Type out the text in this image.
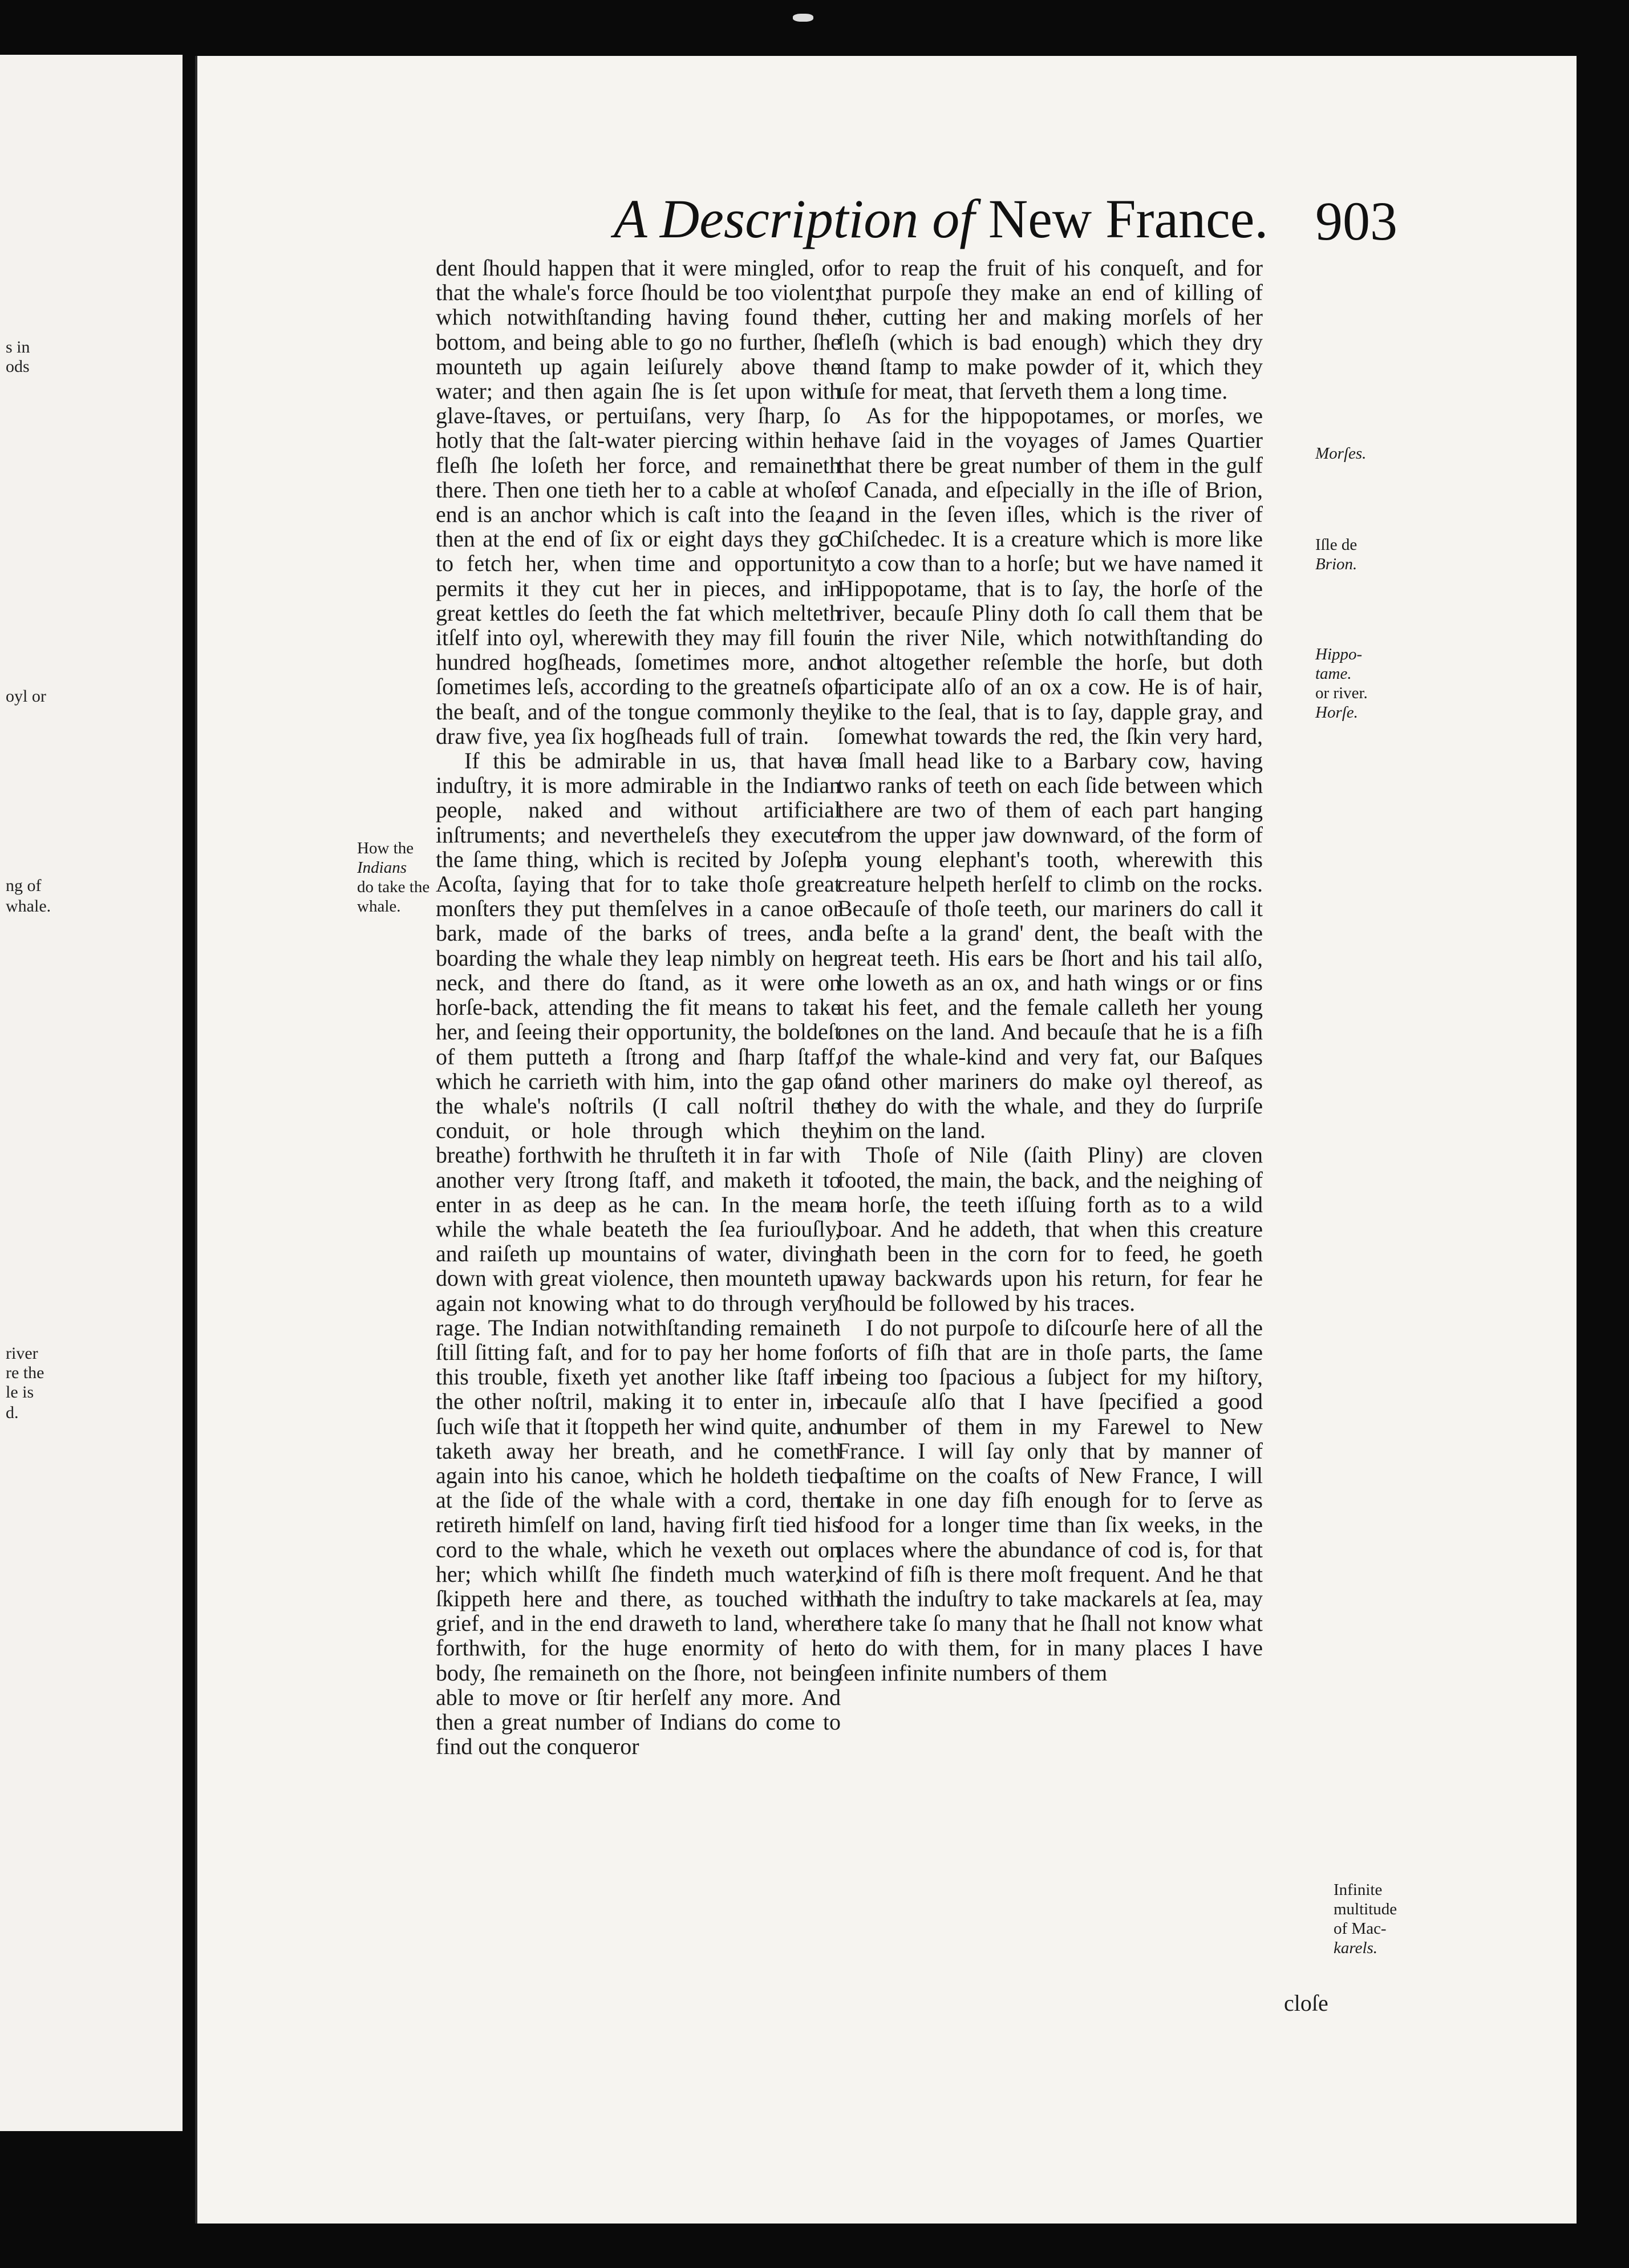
s in
ods
oyl or
ng of
whale.
river
re the
le is
d.
A Description of New France. 903

dent ſhould happen that it were mingled, or that the whale's force ſhould be too violent; which notwithſtanding having found the bottom, and being able to go no further, ſhe mounteth up again leiſurely above the water; and then again ſhe is ſet upon with glave-ſtaves, or pertuiſans, very ſharp, ſo hotly that the ſalt-water piercing within her fleſh ſhe loſeth her force, and remaineth there. Then one tieth her to a cable at whoſe end is an anchor which is caſt into the ſea, then at the end of ſix or eight days they go to fetch her, when time and opportunity permits it they cut her in pieces, and in great kettles do ſeeth the fat which melteth itſelf into oyl, wherewith they may fill four hundred hogſheads, ſometimes more, and ſometimes leſs, according to the greatneſs of the beaſt, and of the tongue commonly they draw five, yea ſix hogſheads full of train.

If this be admirable in us, that have induſtry, it is more admirable in the Indian people, naked and without artificial inſtruments; and nevertheleſs they execute the ſame thing, which is recited by Joſeph Acoſta, ſaying that for to take thoſe great monſters they put themſelves in a canoe or bark, made of the barks of trees, and boarding the whale they leap nimbly on her neck, and there do ſtand, as it were on horſe-back, attending the fit means to take her, and ſeeing their opportunity, the boldeſt of them putteth a ſtrong and ſharp ſtaff, which he carrieth with him, into the gap of the whale's noſtrils (I call noſtril the conduit, or hole through which they breathe) forthwith he thruſteth it in far with another very ſtrong ſtaff, and maketh it to enter in as deep as he can. In the mean while the whale beateth the ſea furiouſly, and raiſeth up mountains of water, diving down with great violence, then mounteth up again not knowing what to do through very rage. The Indian notwithſtanding remaineth ſtill ſitting faſt, and for to pay her home for this trouble, fixeth yet another like ſtaff in the other noſtril, making it to enter in, in ſuch wiſe that it ſtoppeth her wind quite, and taketh away her breath, and he cometh again into his canoe, which he holdeth tied at the ſide of the whale with a cord, then retireth himſelf on land, having firſt tied his cord to the whale, which he vexeth out on her; which whilſt ſhe findeth much water, ſkippeth here and there, as touched with grief, and in the end draweth to land, where forthwith, for the huge enormity of her body, ſhe remaineth on the ſhore, not being able to move or ſtir herſelf any more. And then a great number of Indians do come to find out the conqueror

for to reap the fruit of his conqueſt, and for that purpoſe they make an end of killing of her, cutting her and making morſels of her fleſh (which is bad enough) which they dry and ſtamp to make powder of it, which they uſe for meat, that ſerveth them a long time.

As for the hippopotames, or morſes, we have ſaid in the voyages of James Quartier that there be great number of them in the gulf of Canada, and eſpecially in the iſle of Brion, and in the ſeven iſles, which is the river of Chiſchedec. It is a creature which is more like to a cow than to a horſe; but we have named it Hippopotame, that is to ſay, the horſe of the river, becauſe Pliny doth ſo call them that be in the river Nile, which notwithſtanding do not altogether reſemble the horſe, but doth participate alſo of an ox a cow. He is of hair, like to the ſeal, that is to ſay, dapple gray, and ſomewhat towards the red, the ſkin very hard, a ſmall head like to a Barbary cow, having two ranks of teeth on each ſide between which there are two of them of each part hanging from the upper jaw downward, of the form of a young elephant's tooth, wherewith this creature helpeth herſelf to climb on the rocks. Becauſe of thoſe teeth, our mariners do call it la beſte a la grand' dent, the beaſt with the great teeth. His ears be ſhort and his tail alſo, he loweth as an ox, and hath wings or or fins at his feet, and the female calleth her young ones on the land. And becauſe that he is a fiſh of the whale-kind and very fat, our Baſques and other mariners do make oyl thereof, as they do with the whale, and they do ſurpriſe him on the land.

Thoſe of Nile (ſaith Pliny) are cloven footed, the main, the back, and the neighing of a horſe, the teeth iſſuing forth as to a wild boar. And he addeth, that when this creature hath been in the corn for to feed, he goeth away backwards upon his return, for fear he ſhould be followed by his traces.

I do not purpoſe to diſcourſe here of all the ſorts of fiſh that are in thoſe parts, the ſame being too ſpacious a ſubject for my hiſtory, becauſe alſo that I have ſpecified a good number of them in my Farewel to New France. I will ſay only that by manner of paſtime on the coaſts of New France, I will take in one day fiſh enough for to ſerve as food for a longer time than ſix weeks, in the places where the abundance of cod is, for that kind of fiſh is there moſt frequent. And he that hath the induſtry to take mackarels at ſea, may there take ſo many that he ſhall not know what to do with them, for in many places I have ſeen infinite numbers of them

How the
Indians
do take the
whale.
Morſes.
Iſle de
Brion.
Hippo-
tame.
or river.
Horſe.
Infinite
multitude
of Mac-
karels.
cloſe
